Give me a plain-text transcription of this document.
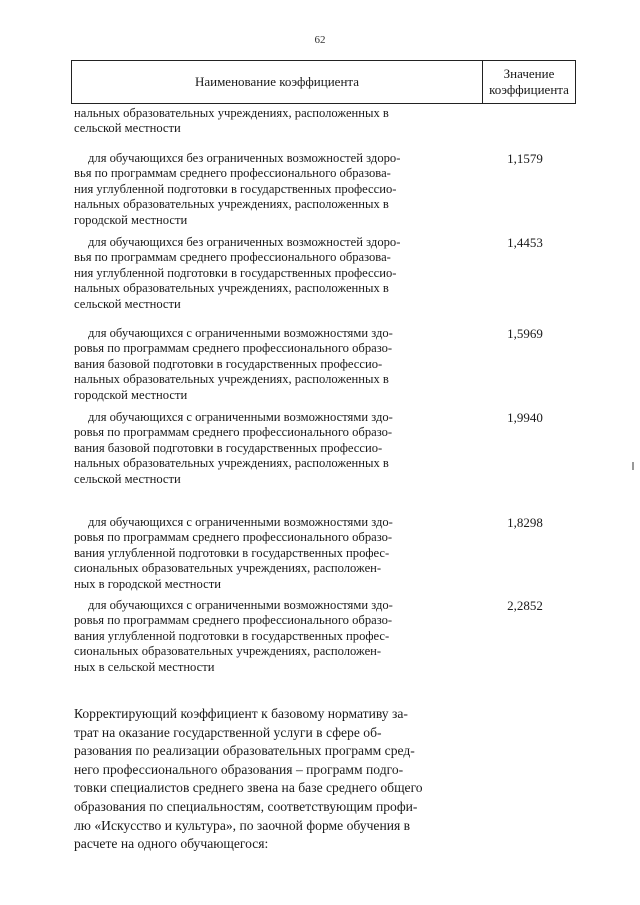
62
Наименование коэффициента
Значение
коэффициента
нальных образовательных учреждениях, расположенных в
сельской местности
для обучающихся без ограниченных возможностей здоро-
вья по программам среднего профессионального образова-
ния углубленной подготовки в государственных профессио-
нальных образовательных учреждениях, расположенных в
городской местности
1,1579
для обучающихся без ограниченных возможностей здоро-
вья по программам среднего профессионального образова-
ния углубленной подготовки в государственных профессио-
нальных образовательных учреждениях, расположенных в
сельской местности
1,4453
для обучающихся с ограниченными возможностями здо-
ровья по программам среднего профессионального образо-
вания базовой подготовки в государственных профессио-
нальных образовательных учреждениях, расположенных в
городской местности
1,5969
для обучающихся с ограниченными возможностями здо-
ровья по программам среднего профессионального образо-
вания базовой подготовки в государственных профессио-
нальных образовательных учреждениях, расположенных в
сельской местности
1,9940
для обучающихся с ограниченными возможностями здо-
ровья по программам среднего профессионального образо-
вания углубленной подготовки в государственных профес-
сиональных образовательных учреждениях, расположен-
ных в городской местности
1,8298
для обучающихся с ограниченными возможностями здо-
ровья по программам среднего профессионального образо-
вания углубленной подготовки в государственных профес-
сиональных образовательных учреждениях, расположен-
ных в сельской местности
2,2852
Корректирующий коэффициент к базовому нормативу за-
трат на оказание государственной услуги в сфере об-
разования по реализации образовательных программ сред-
него профессионального образования – программ подго-
товки специалистов среднего звена на базе среднего общего
образования по специальностям, соответствующим профи-
лю «Искусство и культура», по заочной форме обучения в
расчете на одного обучающегося:
